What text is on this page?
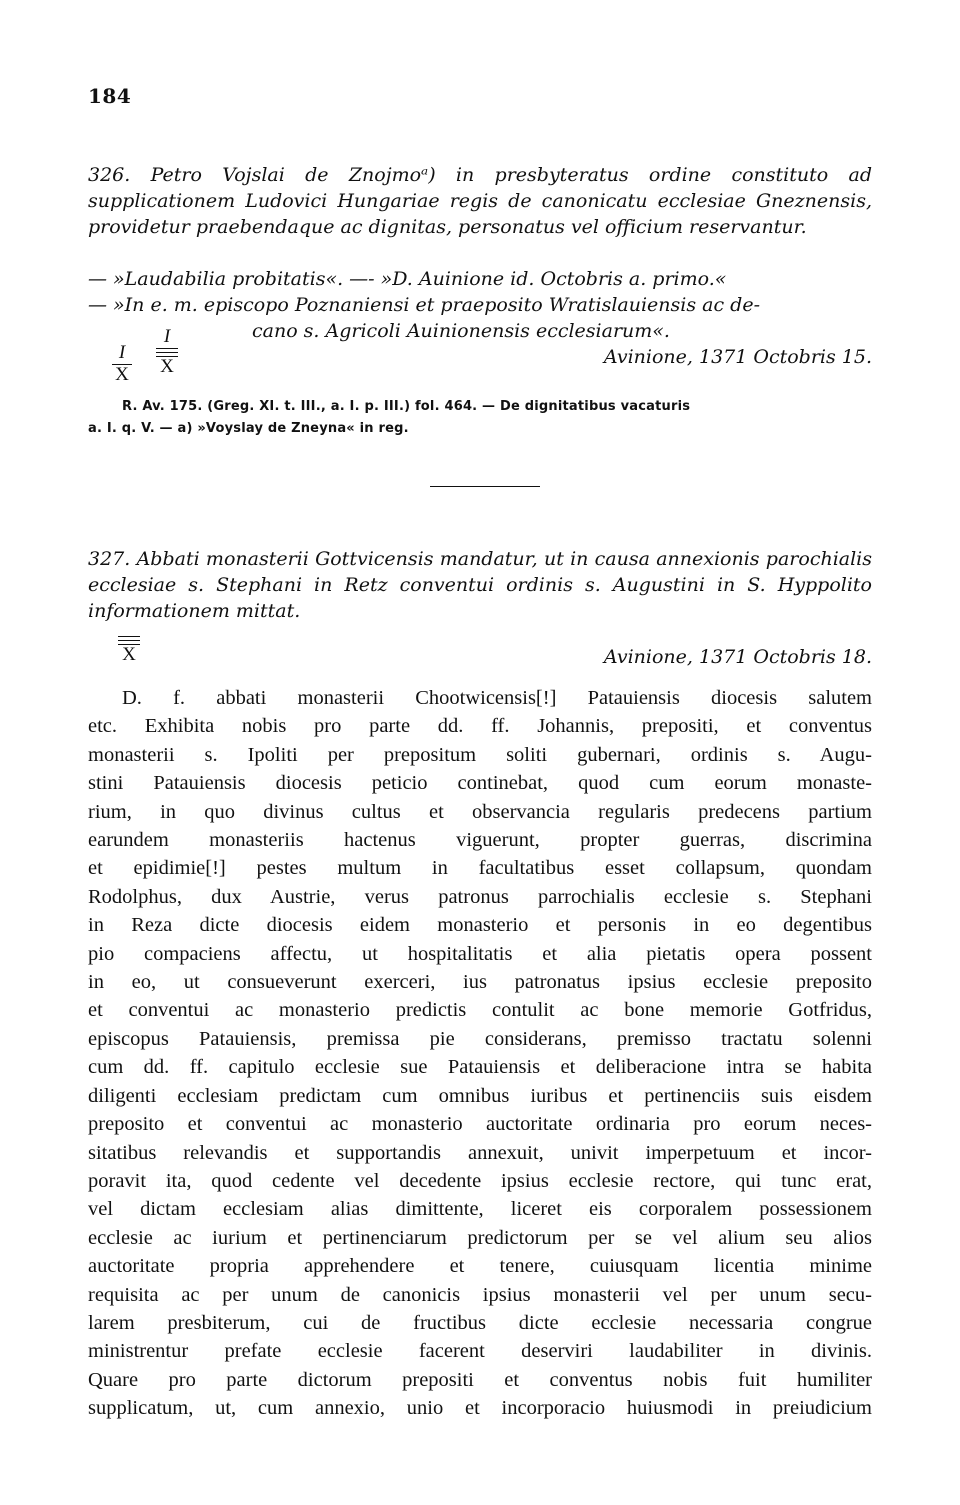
184
326. Petro Vojslai de Znojmoᵃ) in presbyteratus ordine constituto ad supplicationem Ludovici Hungariae regis de canonicatu ecclesiae Gneznensis, providetur praebendaque ac dignitas, personatus vel officium reservantur.
— »Laudabilia probitatis«. —- »D. Auinione id. Octobris a. primo.«
— »In e. m. episcopo Poznaniensi et praeposito Wratislauiensis ac de-
cano s. Agricoli Auinionensis ecclesiarum«.
I
X
I
X	Avinione, 1371 Octobris 15.
R. Av. 175. (Greg. XI. t. III., a. I. p. III.) fol. 464. — De dignitatibus vacaturis
a. I. q. V. — a) »Voyslay de Zneyna« in reg.
327. Abbati monasterii Gottvicensis mandatur, ut in causa annexionis parochialis ecclesiae s. Stephani in Retz conventui ordinis s. Augustini in S. Hyppolito informationem mittat.
X	Avinione, 1371 Octobris 18.
D. f. abbati monasterii Chootwicensis[!] Patauiensis diocesis salutem
etc. Exhibita nobis pro parte dd. ff. Johannis, prepositi, et conventus
monasterii s. Ipoliti per prepositum soliti gubernari, ordinis s. Augu-
stini Patauiensis diocesis peticio continebat, quod cum eorum monaste-
rium, in quo divinus cultus et observancia regularis predecens partium
earundem monasteriis hactenus viguerunt, propter guerras, discrimina
et epidimie[!] pestes multum in facultatibus esset collapsum, quondam
Rodolphus, dux Austrie, verus patronus parrochialis ecclesie s. Stephani
in Reza dicte diocesis eidem monasterio et personis in eo degentibus
pio compaciens affectu, ut hospitalitatis et alia pietatis opera possent
in eo, ut consueverunt exerceri, ius patronatus ipsius ecclesie preposito
et conventui ac monasterio predictis contulit ac bone memorie Gotfridus,
episcopus Patauiensis, premissa pie considerans, premisso tractatu solenni
cum dd. ff. capitulo ecclesie sue Patauiensis et deliberacione intra se habita
diligenti ecclesiam predictam cum omnibus iuribus et pertinenciis suis eisdem
preposito et conventui ac monasterio auctoritate ordinaria pro eorum neces-
sitatibus relevandis et supportandis annexuit, univit imperpetuum et incor-
poravit ita, quod cedente vel decedente ipsius ecclesie rectore, qui tunc erat,
vel dictam ecclesiam alias dimittente, liceret eis corporalem possessionem
ecclesie ac iurium et pertinenciarum predictorum per se vel alium seu alios
auctoritate propria apprehendere et tenere, cuiusquam licentia minime
requisita ac per unum de canonicis ipsius monasterii vel per unum secu-
larem presbiterum, cui de fructibus dicte ecclesie necessaria congrue
ministrentur prefate ecclesie facerent deserviri laudabiliter in divinis.
Quare pro parte dictorum prepositi et conventus nobis fuit humiliter
supplicatum, ut, cum annexio, unio et incorporacio huiusmodi in preiudicium
